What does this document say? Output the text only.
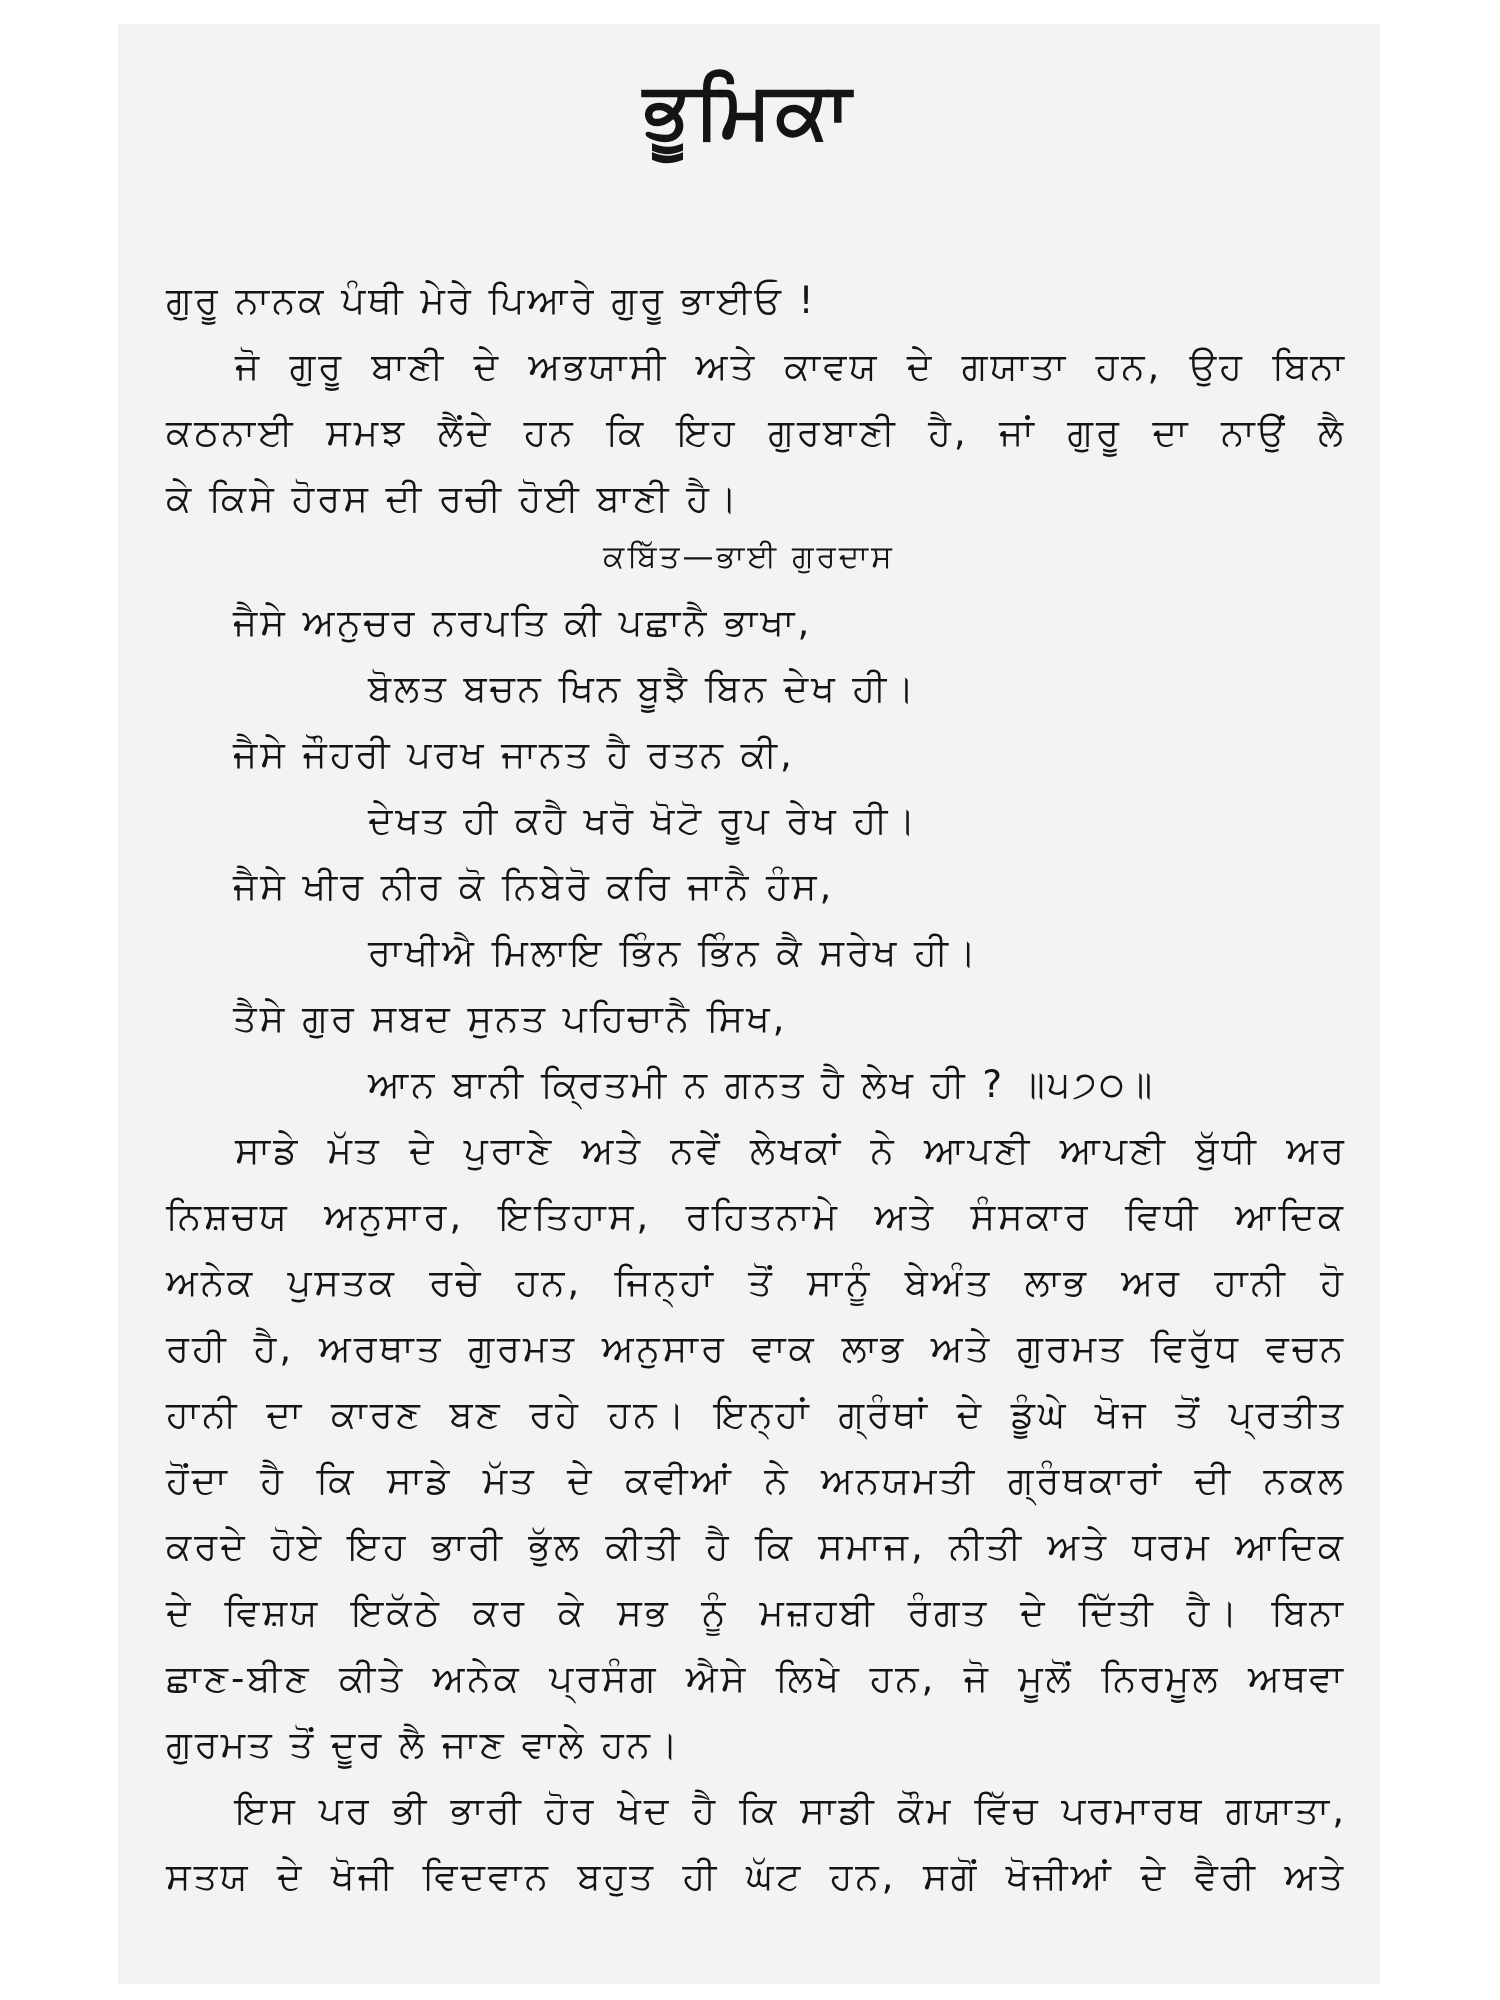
ਭੂਮਿਕਾ
ਗੁਰੂ ਨਾਨਕ ਪੰਥੀ ਮੇਰੇ ਪਿਆਰੇ ਗੁਰੂ ਭਾਈਓ !
ਜੋ ਗੁਰੂ ਬਾਣੀ ਦੇ ਅਭਯਾਸੀ ਅਤੇ ਕਾਵਯ ਦੇ ਗਯਾਤਾ ਹਨ, ਉਹ ਬਿਨਾ
ਕਠਨਾਈ ਸਮਝ ਲੈਂਦੇ ਹਨ ਕਿ ਇਹ ਗੁਰਬਾਣੀ ਹੈ, ਜਾਂ ਗੁਰੂ ਦਾ ਨਾਉਂ ਲੈ
ਕੇ ਕਿਸੇ ਹੋਰਸ ਦੀ ਰਚੀ ਹੋਈ ਬਾਣੀ ਹੈ।
ਕਬਿੱਤ—ਭਾਈ ਗੁਰਦਾਸ
ਜੈਸੇ ਅਨੁਚਰ ਨਰਪਤਿ ਕੀ ਪਛਾਨੈ ਭਾਖਾ,
ਬੋਲਤ ਬਚਨ ਖਿਨ ਬੂਝੈ ਬਿਨ ਦੇਖ ਹੀ।
ਜੈਸੇ ਜੌਹਰੀ ਪਰਖ ਜਾਨਤ ਹੈ ਰਤਨ ਕੀ,
ਦੇਖਤ ਹੀ ਕਹੈ ਖਰੋ ਖੋਟੋ ਰੂਪ ਰੇਖ ਹੀ।
ਜੈਸੇ ਖੀਰ ਨੀਰ ਕੋ ਨਿਬੇਰੋ ਕਰਿ ਜਾਨੈ ਹੰਸ,
ਰਾਖੀਐ ਮਿਲਾਇ ਭਿੰਨ ਭਿੰਨ ਕੈ ਸਰੇਖ ਹੀ।
ਤੈਸੇ ਗੁਰ ਸਬਦ ਸੁਨਤ ਪਹਿਚਾਨੈ ਸਿਖ,
ਆਨ ਬਾਨੀ ਕ੍ਰਿਤਮੀ ਨ ਗਨਤ ਹੈ ਲੇਖ ਹੀ ? ॥੫੭੦॥
ਸਾਡੇ ਮੱਤ ਦੇ ਪੁਰਾਣੇ ਅਤੇ ਨਵੇਂ ਲੇਖਕਾਂ ਨੇ ਆਪਣੀ ਆਪਣੀ ਬੁੱਧੀ ਅਰ
ਨਿਸ਼ਚਯ ਅਨੁਸਾਰ, ਇਤਿਹਾਸ, ਰਹਿਤਨਾਮੇ ਅਤੇ ਸੰਸਕਾਰ ਵਿਧੀ ਆਦਿਕ
ਅਨੇਕ ਪੁਸਤਕ ਰਚੇ ਹਨ, ਜਿਨ੍ਹਾਂ ਤੋਂ ਸਾਨੂੰ ਬੇਅੰਤ ਲਾਭ ਅਰ ਹਾਨੀ ਹੋ
ਰਹੀ ਹੈ, ਅਰਥਾਤ ਗੁਰਮਤ ਅਨੁਸਾਰ ਵਾਕ ਲਾਭ ਅਤੇ ਗੁਰਮਤ ਵਿਰੁੱਧ ਵਚਨ
ਹਾਨੀ ਦਾ ਕਾਰਣ ਬਣ ਰਹੇ ਹਨ। ਇਨ੍ਹਾਂ ਗ੍ਰੰਥਾਂ ਦੇ ਡੂੰਘੇ ਖੋਜ ਤੋਂ ਪ੍ਰਤੀਤ
ਹੋਂਦਾ ਹੈ ਕਿ ਸਾਡੇ ਮੱਤ ਦੇ ਕਵੀਆਂ ਨੇ ਅਨਯਮਤੀ ਗ੍ਰੰਥਕਾਰਾਂ ਦੀ ਨਕਲ
ਕਰਦੇ ਹੋਏ ਇਹ ਭਾਰੀ ਭੁੱਲ ਕੀਤੀ ਹੈ ਕਿ ਸਮਾਜ, ਨੀਤੀ ਅਤੇ ਧਰਮ ਆਦਿਕ
ਦੇ ਵਿਸ਼ਯ ਇਕੱਠੇ ਕਰ ਕੇ ਸਭ ਨੂੰ ਮਜ਼ਹਬੀ ਰੰਗਤ ਦੇ ਦਿੱਤੀ ਹੈ। ਬਿਨਾ
ਛਾਣ-ਬੀਣ ਕੀਤੇ ਅਨੇਕ ਪ੍ਰਸੰਗ ਐਸੇ ਲਿਖੇ ਹਨ, ਜੋ ਮੂਲੋਂ ਨਿਰਮੂਲ ਅਥਵਾ
ਗੁਰਮਤ ਤੋਂ ਦੂਰ ਲੈ ਜਾਣ ਵਾਲੇ ਹਨ।
ਇਸ ਪਰ ਭੀ ਭਾਰੀ ਹੋਰ ਖੇਦ ਹੈ ਕਿ ਸਾਡੀ ਕੌਮ ਵਿੱਚ ਪਰਮਾਰਥ ਗਯਾਤਾ,
ਸਤਯ ਦੇ ਖੋਜੀ ਵਿਦਵਾਨ ਬਹੁਤ ਹੀ ਘੱਟ ਹਨ, ਸਗੋਂ ਖੋਜੀਆਂ ਦੇ ਵੈਰੀ ਅਤੇ
